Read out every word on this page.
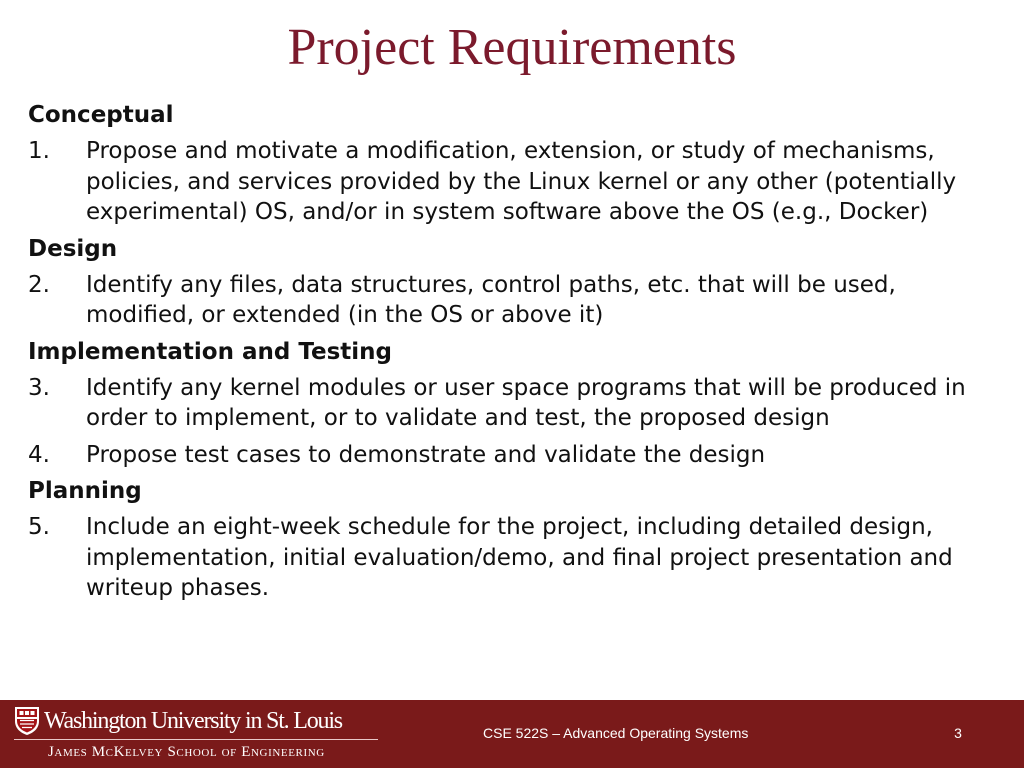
Project Requirements
Conceptual
1.	Propose and motivate a modification, extension, or study of mechanisms, policies, and services provided by the Linux kernel or any other (potentially experimental) OS, and/or in system software above the OS (e.g., Docker)
Design
2.	Identify any files, data structures, control paths, etc. that will be used, modified, or extended (in the OS or above it)
Implementation and Testing
3.	Identify any kernel modules or user space programs that will be produced in order to implement, or to validate and test, the proposed design
4.	Propose test cases to demonstrate and validate the design
Planning
5.	Include an eight-week schedule for the project, including detailed design, implementation, initial evaluation/demo, and final project presentation and writeup phases.
Washington University in St. Louis
James McKelvey School of Engineering
CSE 522S – Advanced Operating Systems	3
